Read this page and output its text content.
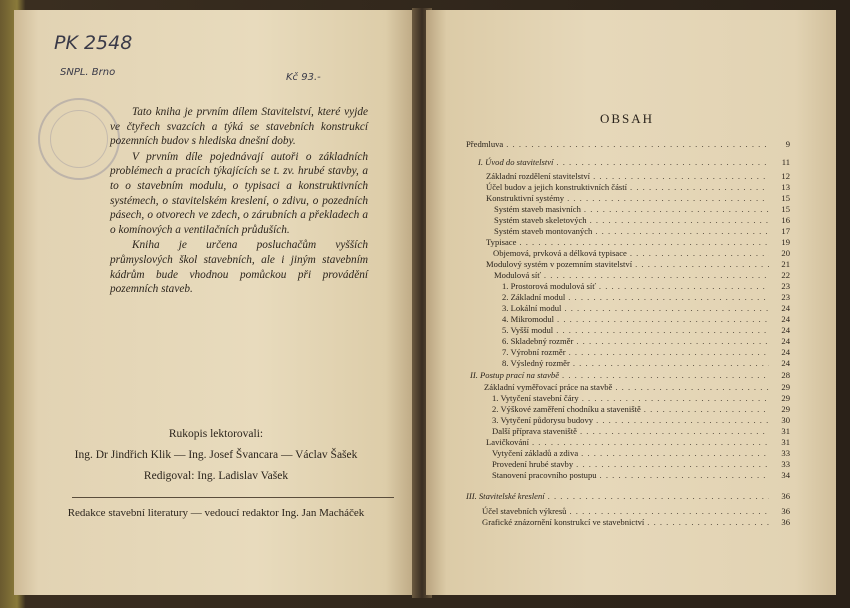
PK 2548
SNPL. Brno	Kč 93.-

Tato kniha je prvním dílem Stavitelství, které vyjde ve čtyřech svazcích a týká se stavebních konstrukcí pozemních budov s hlediska dnešní doby.

V prvním díle pojednávají autoři o základních problémech a pracích týkajících se t. zv. hrubé stavby, a to o stavebním modulu, o typisaci a konstruktivních systémech, o stavitelském kreslení, o zdivu, o pozedních pásech, o otvorech ve zdech, o zárubních a překladech a o komínových a ventilačních průduších.

Kniha je určena posluchačům vyšších průmyslových škol stavebních, ale i jiným stavebním kádrům bude vhodnou pomůckou při provádění pozemních staveb.

Rukopis lektorovali:
Ing. Dr Jindřich Klik — Ing. Josef Švancara — Václav Šašek
Redigoval: Ing. Ladislav Vašek
Redakce stavební literatury — vedoucí redaktor Ing. Jan Macháček
OBSAH
Předmluva . . .	9
I. Úvod do stavitelství . . .	11
Základní rozdělení stavitelství . . .	12
Účel budov a jejich konstruktivních částí . . .	13
Konstruktivní systémy . . .	15
Systém staveb masivních . . .	15
Systém staveb skeletových . . .	16
Systém staveb montovaných . . .	17
Typisace . . .	19
Objemová, prvková a délková typisace . . .	20
Modulový systém v pozemním stavitelství . . .	21
Modulová síť . . .	22
1. Prostorová modulová síť . . .	23
2. Základní modul . . .	23
3. Lokální modul . . .	24
4. Mikromodul . . .	24
5. Vyšší modul . . .	24
6. Skladebný rozměr . . .	24
7. Výrobní rozměr . . .	24
8. Výsledný rozměr . . .	24
II. Postup prací na stavbě . . .	28
Základní vyměřovací práce na stavbě . . .	29
1. Vytyčení stavební čáry . . .	29
2. Výškové zaměření chodníku a staveniště . . .	29
3. Vytyčení půdorysu budovy . . .	30
Další příprava staveniště . . .	31
Lavičkování . . .	31
Vytyčení základů a zdiva . . .	33
Provedení hrubé stavby . . .	33
Stanovení pracovního postupu . . .	34
III. Stavitelské kreslení . . .	36
Účel stavebních výkresů . . .	36
Grafické znázornění konstrukcí ve stavebnictví . . .	36
